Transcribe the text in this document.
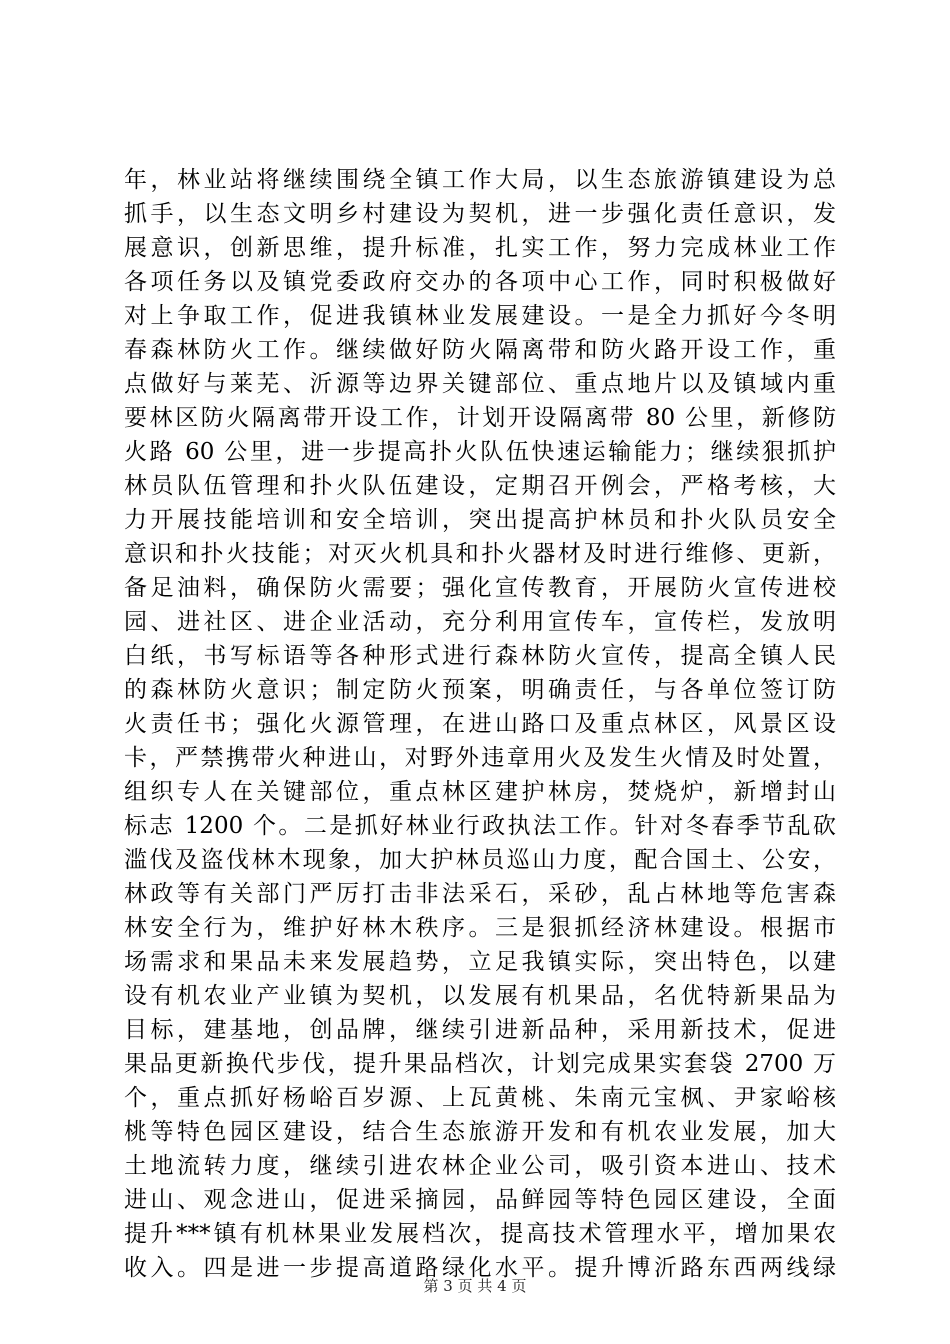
年，林业站将继续围绕全镇工作大局，以生态旅游镇建设为总
抓手，以生态文明乡村建设为契机，进一步强化责任意识，发
展意识，创新思维，提升标准，扎实工作，努力完成林业工作
各项任务以及镇党委政府交办的各项中心工作，同时积极做好
对上争取工作，促进我镇林业发展建设。一是全力抓好今冬明
春森林防火工作。继续做好防火隔离带和防火路开设工作，重
点做好与莱芜、沂源等边界关键部位、重点地片以及镇域内重
要林区防火隔离带开设工作，计划开设隔离带 80 公里，新修防
火路 60 公里，进一步提高扑火队伍快速运输能力；继续狠抓护
林员队伍管理和扑火队伍建设，定期召开例会，严格考核，大
力开展技能培训和安全培训，突出提高护林员和扑火队员安全
意识和扑火技能；对灭火机具和扑火器材及时进行维修、更新，
备足油料，确保防火需要；强化宣传教育，开展防火宣传进校
园、进社区、进企业活动，充分利用宣传车，宣传栏，发放明
白纸，书写标语等各种形式进行森林防火宣传，提高全镇人民
的森林防火意识；制定防火预案，明确责任，与各单位签订防
火责任书；强化火源管理，在进山路口及重点林区，风景区设
卡，严禁携带火种进山，对野外违章用火及发生火情及时处置，
组织专人在关键部位，重点林区建护林房，焚烧炉，新增封山
标志 1200 个。二是抓好林业行政执法工作。针对冬春季节乱砍
滥伐及盗伐林木现象，加大护林员巡山力度，配合国土、公安，
林政等有关部门严厉打击非法采石，采砂，乱占林地等危害森
林安全行为，维护好林木秩序。三是狠抓经济林建设。根据市
场需求和果品未来发展趋势，立足我镇实际，突出特色，以建
设有机农业产业镇为契机，以发展有机果品，名优特新果品为
目标，建基地，创品牌，继续引进新品种，采用新技术，促进
果品更新换代步伐，提升果品档次，计划完成果实套袋 2700 万
个，重点抓好杨峪百岁源、上瓦黄桃、朱南元宝枫、尹家峪核
桃等特色园区建设，结合生态旅游开发和有机农业发展，加大
土地流转力度，继续引进农林企业公司，吸引资本进山、技术
进山、观念进山，促进采摘园，品鲜园等特色园区建设，全面
提升***镇有机林果业发展档次，提高技术管理水平，增加果农
收入。四是进一步提高道路绿化水平。提升博沂路东西两线绿
第 3 页 共 4 页
